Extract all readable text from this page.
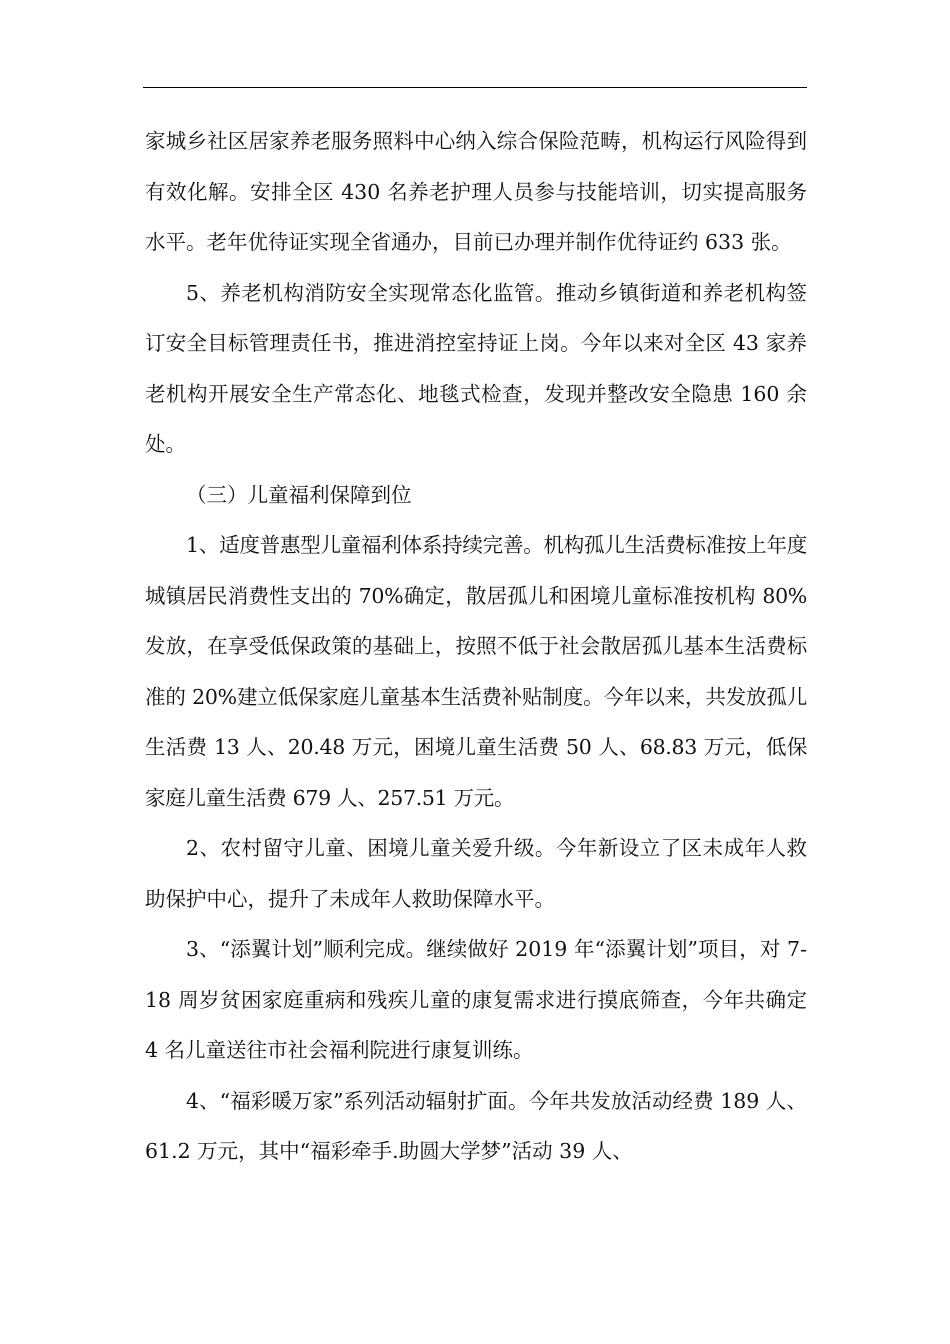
家城乡社区居家养老服务照料中心纳入综合保险范畴，机构运行风险得到有效化解。安排全区 430 名养老护理人员参与技能培训，切实提高服务水平。老年优待证实现全省通办，目前已办理并制作优待证约 633 张。

5、养老机构消防安全实现常态化监管。推动乡镇街道和养老机构签订安全目标管理责任书，推进消控室持证上岗。今年以来对全区 43 家养老机构开展安全生产常态化、地毯式检查，发现并整改安全隐患 160 余处。

（三）儿童福利保障到位

1、适度普惠型儿童福利体系持续完善。机构孤儿生活费标准按上年度城镇居民消费性支出的 70%确定，散居孤儿和困境儿童标准按机构 80%发放，在享受低保政策的基础上，按照不低于社会散居孤儿基本生活费标准的 20%建立低保家庭儿童基本生活费补贴制度。今年以来，共发放孤儿生活费 13 人、20.48 万元，困境儿童生活费 50 人、68.83 万元，低保家庭儿童生活费 679 人、257.51 万元。

2、农村留守儿童、困境儿童关爱升级。今年新设立了区未成年人救助保护中心，提升了未成年人救助保障水平。

3、“添翼计划”顺利完成。继续做好 2019 年“添翼计划”项目，对 7-18 周岁贫困家庭重病和残疾儿童的康复需求进行摸底筛查，今年共确定 4 名儿童送往市社会福利院进行康复训练。

4、“福彩暖万家”系列活动辐射扩面。今年共发放活动经费 189 人、61.2 万元，其中“福彩牵手.助圆大学梦”活动 39 人、
